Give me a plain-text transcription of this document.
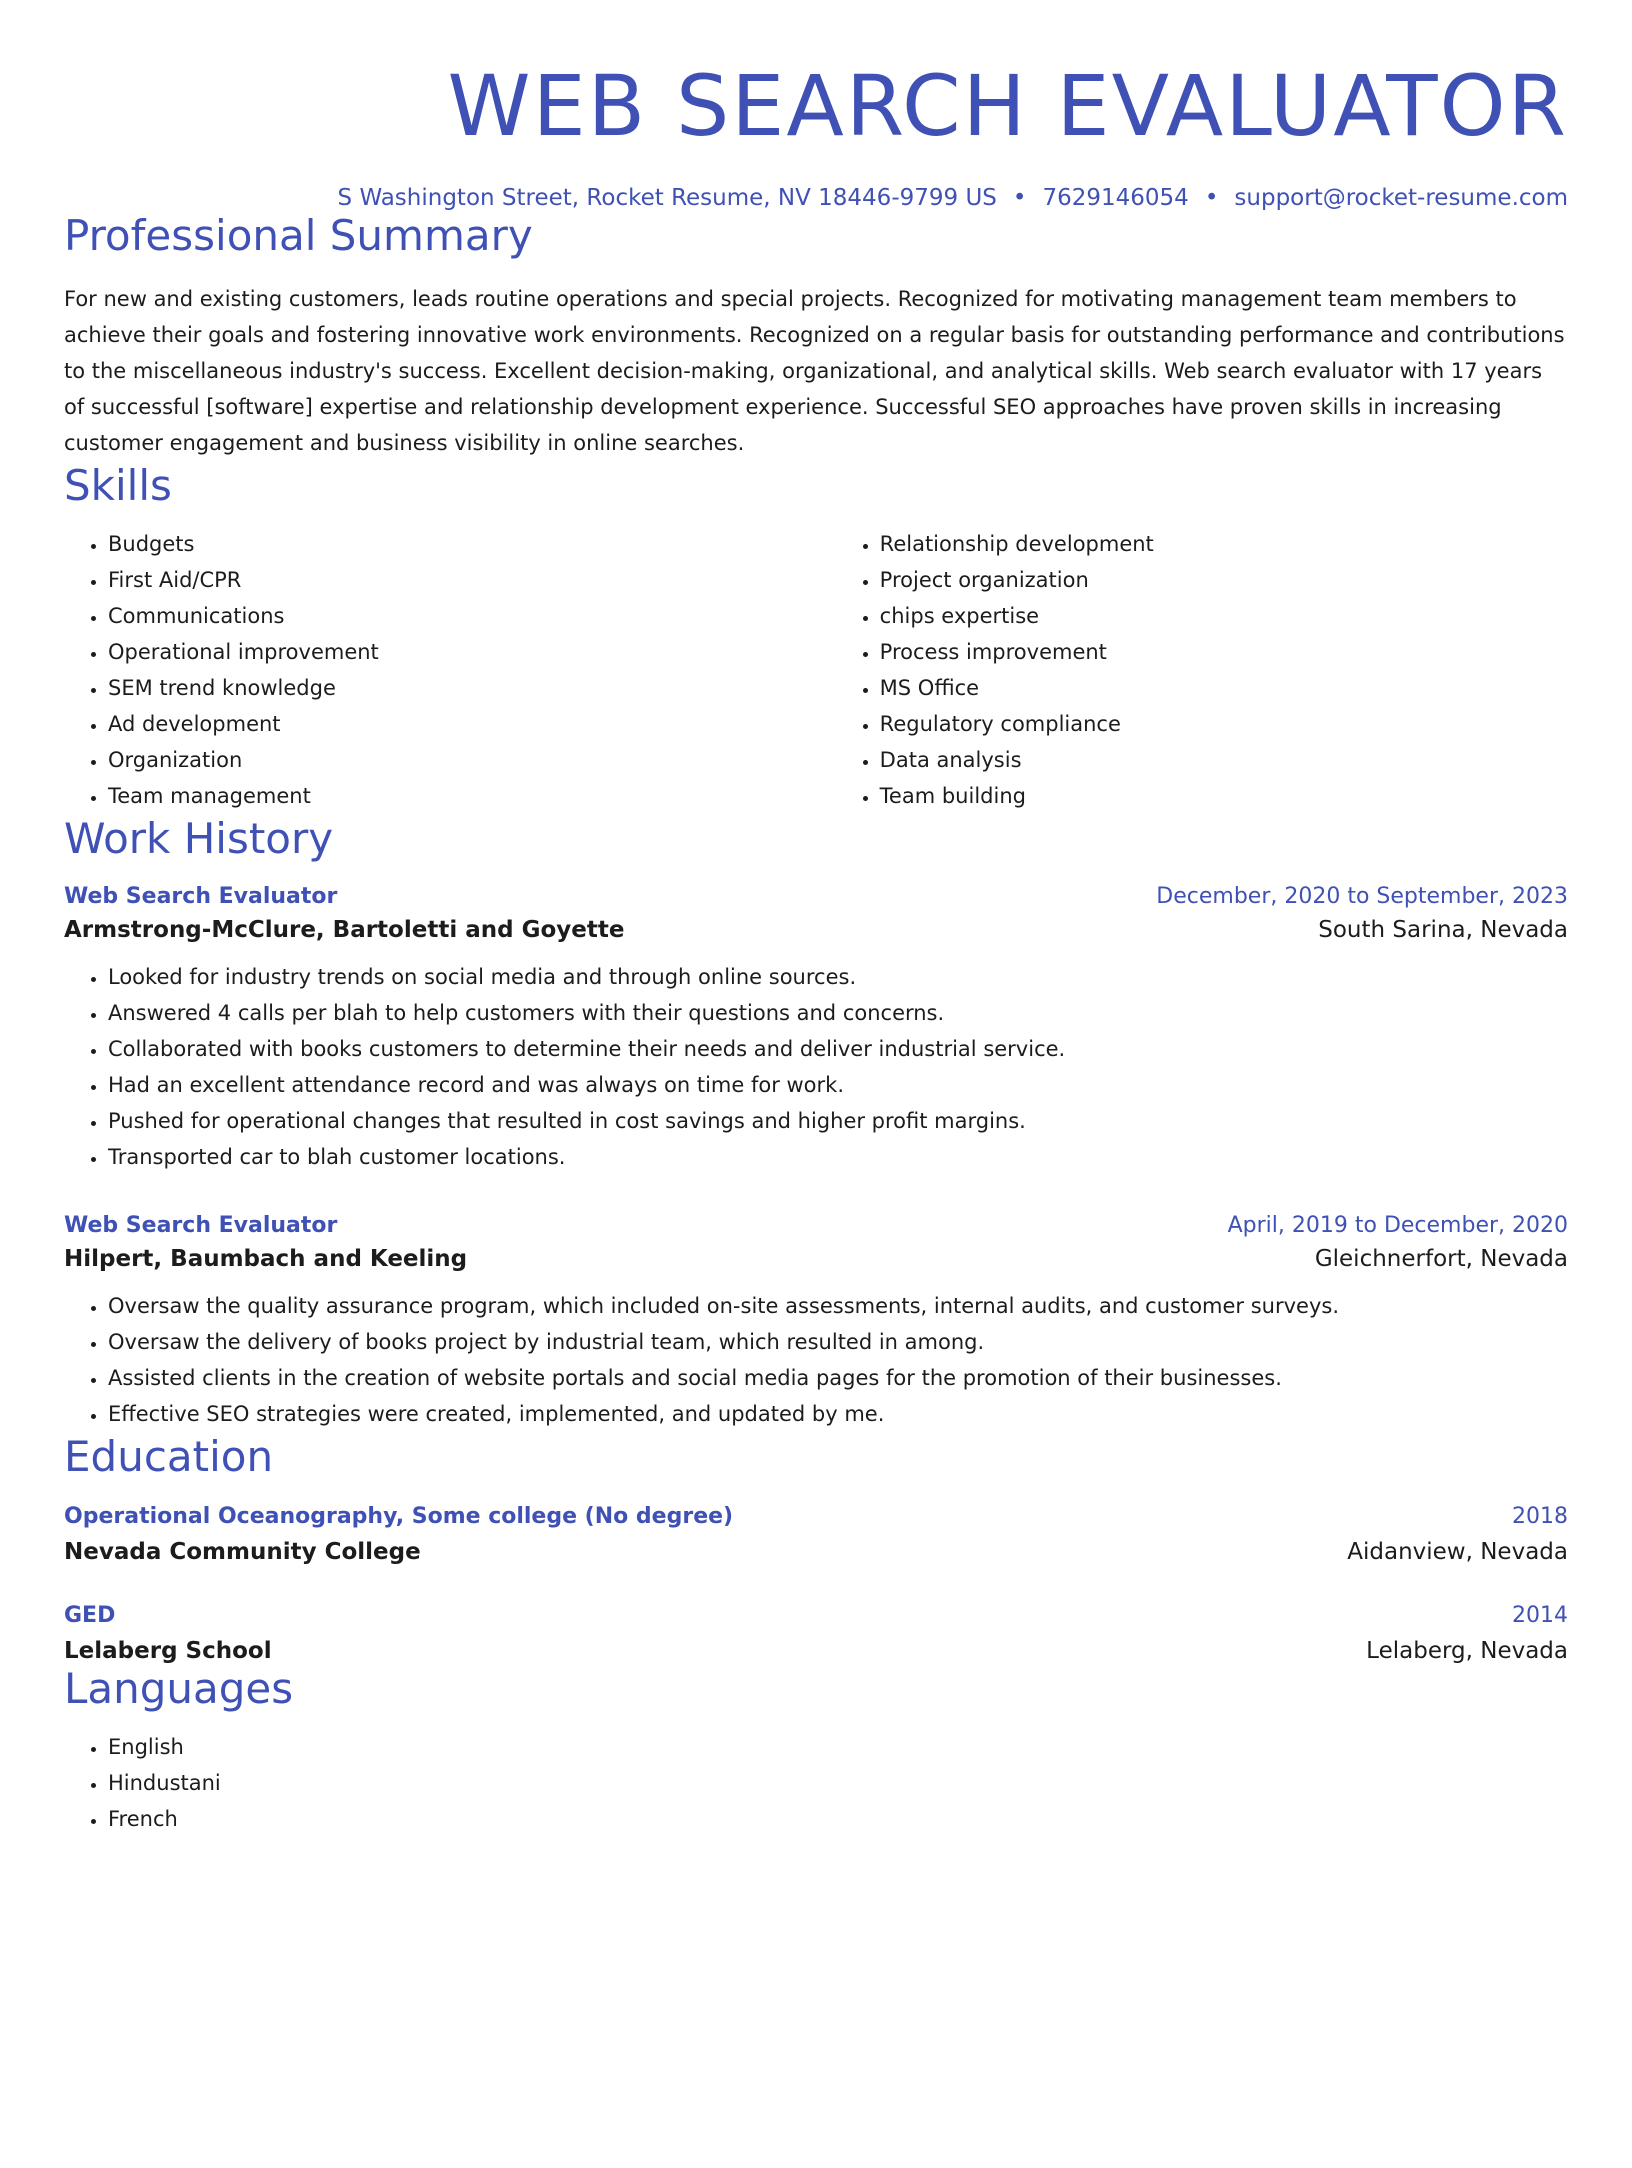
WEB SEARCH EVALUATOR
S Washington Street, Rocket Resume, NV 18446-9799 US • 7629146054 • support@rocket-resume.com
Professional Summary

For new and existing customers, leads routine operations and special projects. Recognized for motivating management team members to achieve their goals and fostering innovative work environments. Recognized on a regular basis for outstanding performance and contributions to the miscellaneous industry's success. Excellent decision-making, organizational, and analytical skills. Web search evaluator with 17 years of successful [software] expertise and relationship development experience. Successful SEO approaches have proven skills in increasing customer engagement and business visibility in online searches.

Skills
• Budgets
• First Aid/CPR
• Communications
• Operational improvement
• SEM trend knowledge
• Ad development
• Organization
• Team management
• Relationship development
• Project organization
• chips expertise
• Process improvement
• MS Office
• Regulatory compliance
• Data analysis
• Team building
Work History
Web Search Evaluator	December, 2020 to September, 2023
Armstrong-McClure, Bartoletti and Goyette	South Sarina, Nevada
• Looked for industry trends on social media and through online sources.
• Answered 4 calls per blah to help customers with their questions and concerns.
• Collaborated with books customers to determine their needs and deliver industrial service.
• Had an excellent attendance record and was always on time for work.
• Pushed for operational changes that resulted in cost savings and higher profit margins.
• Transported car to blah customer locations.
Web Search Evaluator	April, 2019 to December, 2020
Hilpert, Baumbach and Keeling	Gleichnerfort, Nevada
• Oversaw the quality assurance program, which included on-site assessments, internal audits, and customer surveys.
• Oversaw the delivery of books project by industrial team, which resulted in among.
• Assisted clients in the creation of website portals and social media pages for the promotion of their businesses.
• Effective SEO strategies were created, implemented, and updated by me.
Education
Operational Oceanography, Some college (No degree)	2018
Nevada Community College	Aidanview, Nevada
GED	2014
Lelaberg School	Lelaberg, Nevada
Languages
• English
• Hindustani
• French
